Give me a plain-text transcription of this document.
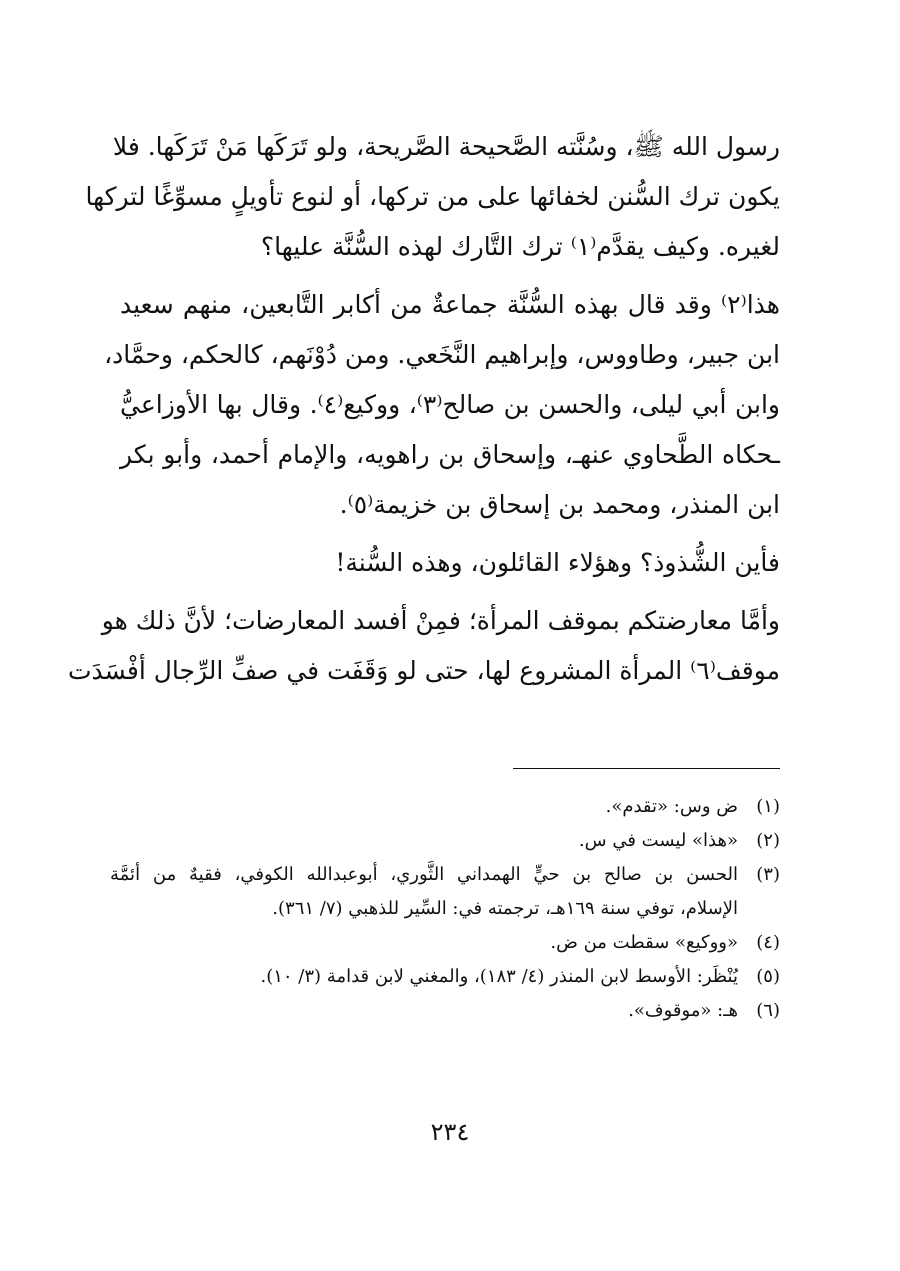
رسول الله ﷺ، وسُنَّته الصَّحيحة الصَّريحة، ولو تَرَكَها مَنْ تَرَكَها. فلا
يكون ترك السُّنن لخفائها على من تركها، أو لنوع تأويلٍ مسوِّغًا لتركها
لغيره. وكيف يقدَّم⁽١⁾ ترك التَّارك لهذه السُّنَّة عليها؟

هذا⁽٢⁾ وقد قال بهذه السُّنَّة جماعةٌ من أكابر التَّابعين، منهم سعيد
ابن جبير، وطاووس، وإبراهيم النَّخَعي. ومن دُوْنَهم، كالحكم، وحمَّاد،
وابن أبي ليلى، والحسن بن صالح⁽٣⁾، ووكيع⁽٤⁾. وقال بها الأوزاعيُّ
ـحكاه الطَّحاوي عنهـ، وإسحاق بن راهويه، والإمام أحمد، وأبو بكر
ابن المنذر، ومحمد بن إسحاق بن خزيمة⁽٥⁾.

فأين الشُّذوذ؟ وهؤلاء القائلون، وهذه السُّنة!

وأمَّا معارضتكم بموقف المرأة؛ فمِنْ أفسد المعارضات؛ لأنَّ ذلك هو
موقف⁽٦⁾ المرأة المشروع لها، حتى لو وَقَفَت في صفِّ الرِّجال أفْسَدَت

(١)
ض وس: «تقدم».
(٢)
«هذا» ليست في س.
(٣)
الحسن بن صالح بن حيٍّ الهمداني الثَّوري، أبوعبدالله الكوفي، فقيهٌ من أئمَّة
الإسلام، توفي سنة ١٦٩هـ، ترجمته في: السِّير للذهبي (٧/ ٣٦١).
(٤)
«ووكيع» سقطت من ض.
(٥)
يُنْظَر: الأوسط لابن المنذر (٤/ ١٨٣)، والمغني لابن قدامة (٣/ ١٠).
(٦)
هـ: «موقوف».
٢٣٤
